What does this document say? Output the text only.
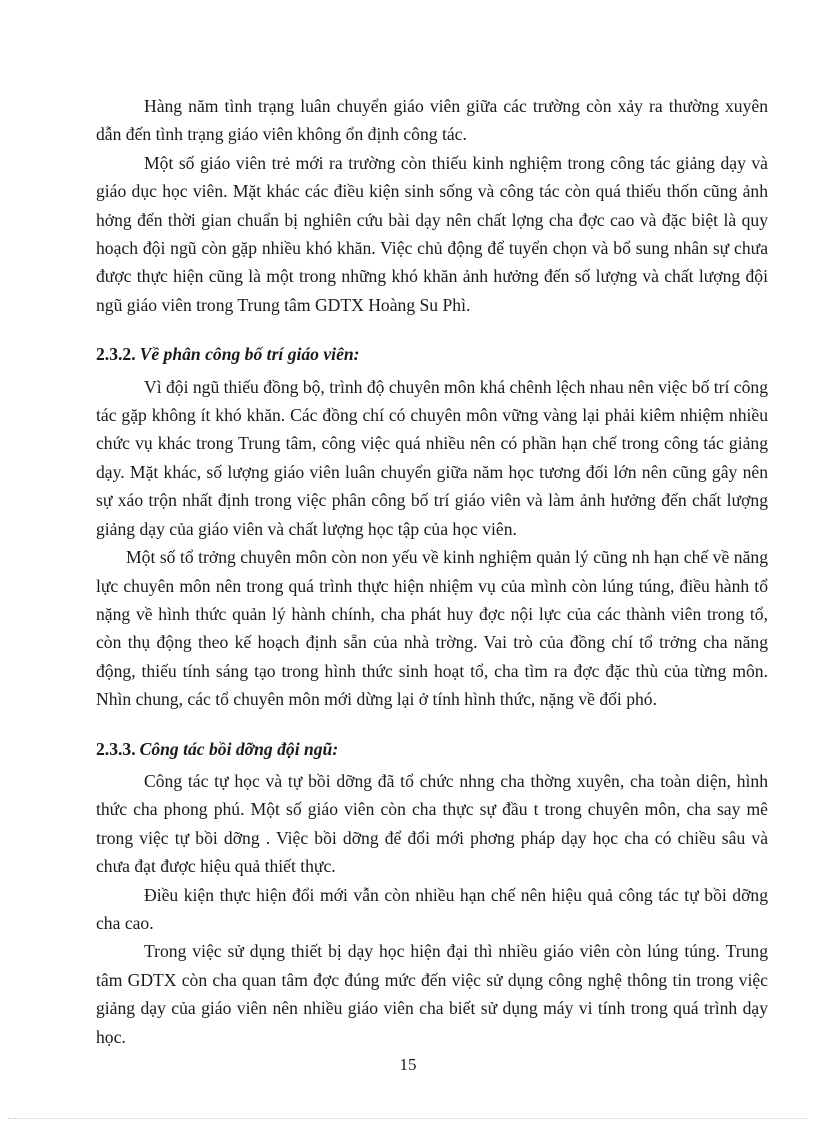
Hàng năm tình trạng luân chuyển giáo viên giữa các trường còn xảy ra thường xuyên dẫn đến tình trạng giáo viên không ổn định công tác.

Một số giáo viên trẻ mới ra trường còn thiếu kinh nghiệm trong công tác giảng dạy và giáo dục học viên. Mặt khác các điều kiện sinh sống và công tác còn quá thiếu thốn cũng ảnh hởng đến thời gian chuẩn bị nghiên cứu bài dạy nên chất lợng cha đợc cao và đặc biệt là quy hoạch đội ngũ còn gặp nhiều khó khăn. Việc chủ động để tuyển chọn và bổ sung nhân sự chưa được thực hiện cũng là một trong những khó khăn ảnh hưởng đến số lượng và chất lượng đội ngũ giáo viên trong Trung tâm GDTX Hoàng Su Phì.

2.3.2. Về phân công bố trí giáo viên:

Vì đội ngũ thiếu đồng bộ, trình độ chuyên môn khá chênh lệch nhau nên việc bố trí công tác gặp không ít khó khăn. Các đồng chí có chuyên môn vững vàng lại phải kiêm nhiệm nhiều chức vụ khác trong Trung tâm, công việc quá nhiều nên có phần hạn chế trong công tác giảng dạy. Mặt khác, số lượng giáo viên luân chuyển giữa năm học tương đối lớn nên cũng gây nên sự xáo trộn nhất định trong việc phân công bố trí giáo viên và làm ảnh hưởng đến chất lượng giảng dạy của giáo viên và chất lượng học tập của học viên.

Một số tổ trởng chuyên môn còn non yếu về kinh nghiệm quản lý cũng nh hạn chế về năng lực chuyên môn nên trong quá trình thực hiện nhiệm vụ của mình còn lúng túng, điều hành tổ nặng về hình thức quản lý hành chính, cha phát huy đợc nội lực của các thành viên trong tổ, còn thụ động theo kế hoạch định sẵn của nhà trờng. Vai trò của đồng chí tổ trởng cha năng động, thiếu tính sáng tạo trong hình thức sinh hoạt tổ, cha tìm ra đợc đặc thù của từng môn. Nhìn chung, các tổ chuyên môn mới dừng lại ở tính hình thức, nặng về đối phó.

2.3.3. Công tác bồi dỡng đội ngũ:

Công tác tự học và tự bồi dỡng đã tổ chức nhng cha thờng xuyên, cha toàn diện, hình thức cha phong phú. Một số giáo viên còn cha thực sự đầu t trong chuyên môn, cha say mê trong việc tự bồi dỡng . Việc bồi dỡng để đổi mới phơng pháp dạy học cha có chiều sâu và chưa đạt được hiệu quả thiết thực.

Điều kiện thực hiện đổi mới vẫn còn nhiều hạn chế nên hiệu quả công tác tự bồi dỡng cha cao.

Trong việc sử dụng thiết bị dạy học hiện đại thì nhiều giáo viên còn lúng túng. Trung tâm GDTX còn cha quan tâm đợc đúng mức đến việc sử dụng công nghệ thông tin trong việc giảng dạy của giáo viên nên nhiều giáo viên cha biết sử dụng máy vi tính trong quá trình dạy học.

15
